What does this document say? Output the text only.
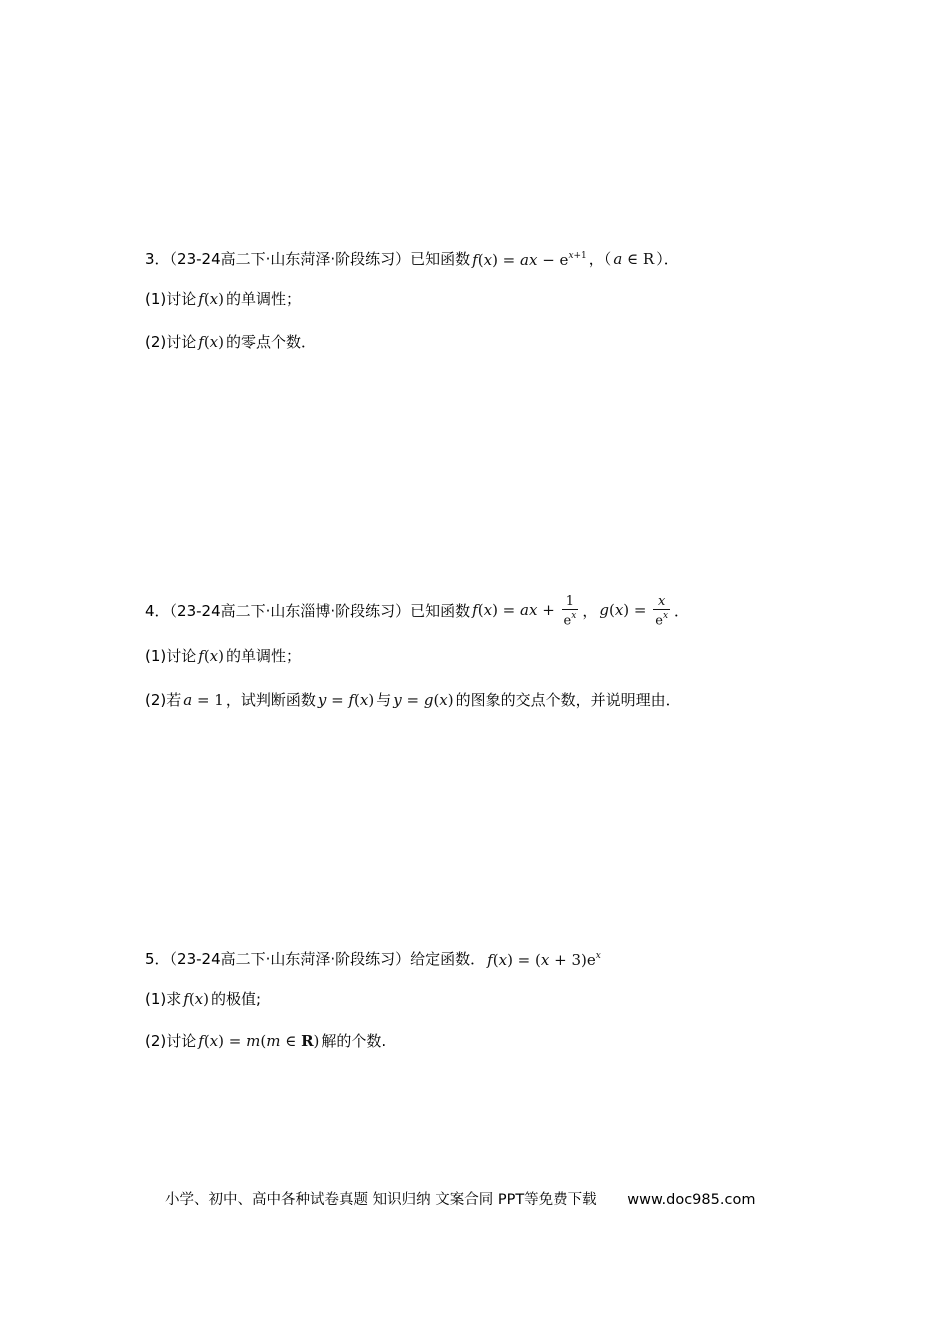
3．（23-24高二下·山东菏泽·阶段练习）已知函数 f(x) = ax − $e^{x+1}$ ，（ a ∈ R ）．
(1)讨论 f(x) 的单调性；
(2)讨论 f(x) 的零点个数．
4．（23-24高二下·山东淄博·阶段练习）已知函数 f(x) = ax + $\frac{1}{e^x}$ ， $g(x) = \frac{x}{e^x}$ ．
(1)讨论 f(x) 的单调性；
(2)若 a = 1 ，试判断函数 y = f(x) 与 y = g(x) 的图象的交点个数，并说明理由．
5．（23-24高二下·山东菏泽·阶段练习）给定函数． $f(x) = (x + 3)e^x$
(1)求 f(x) 的极值;
(2)讨论 f(x) = m(m ∈ R) 解的个数.
小学、初中、高中各种试卷真题 知识归纳 文案合同 PPT等免费下载 www.doc985.com
